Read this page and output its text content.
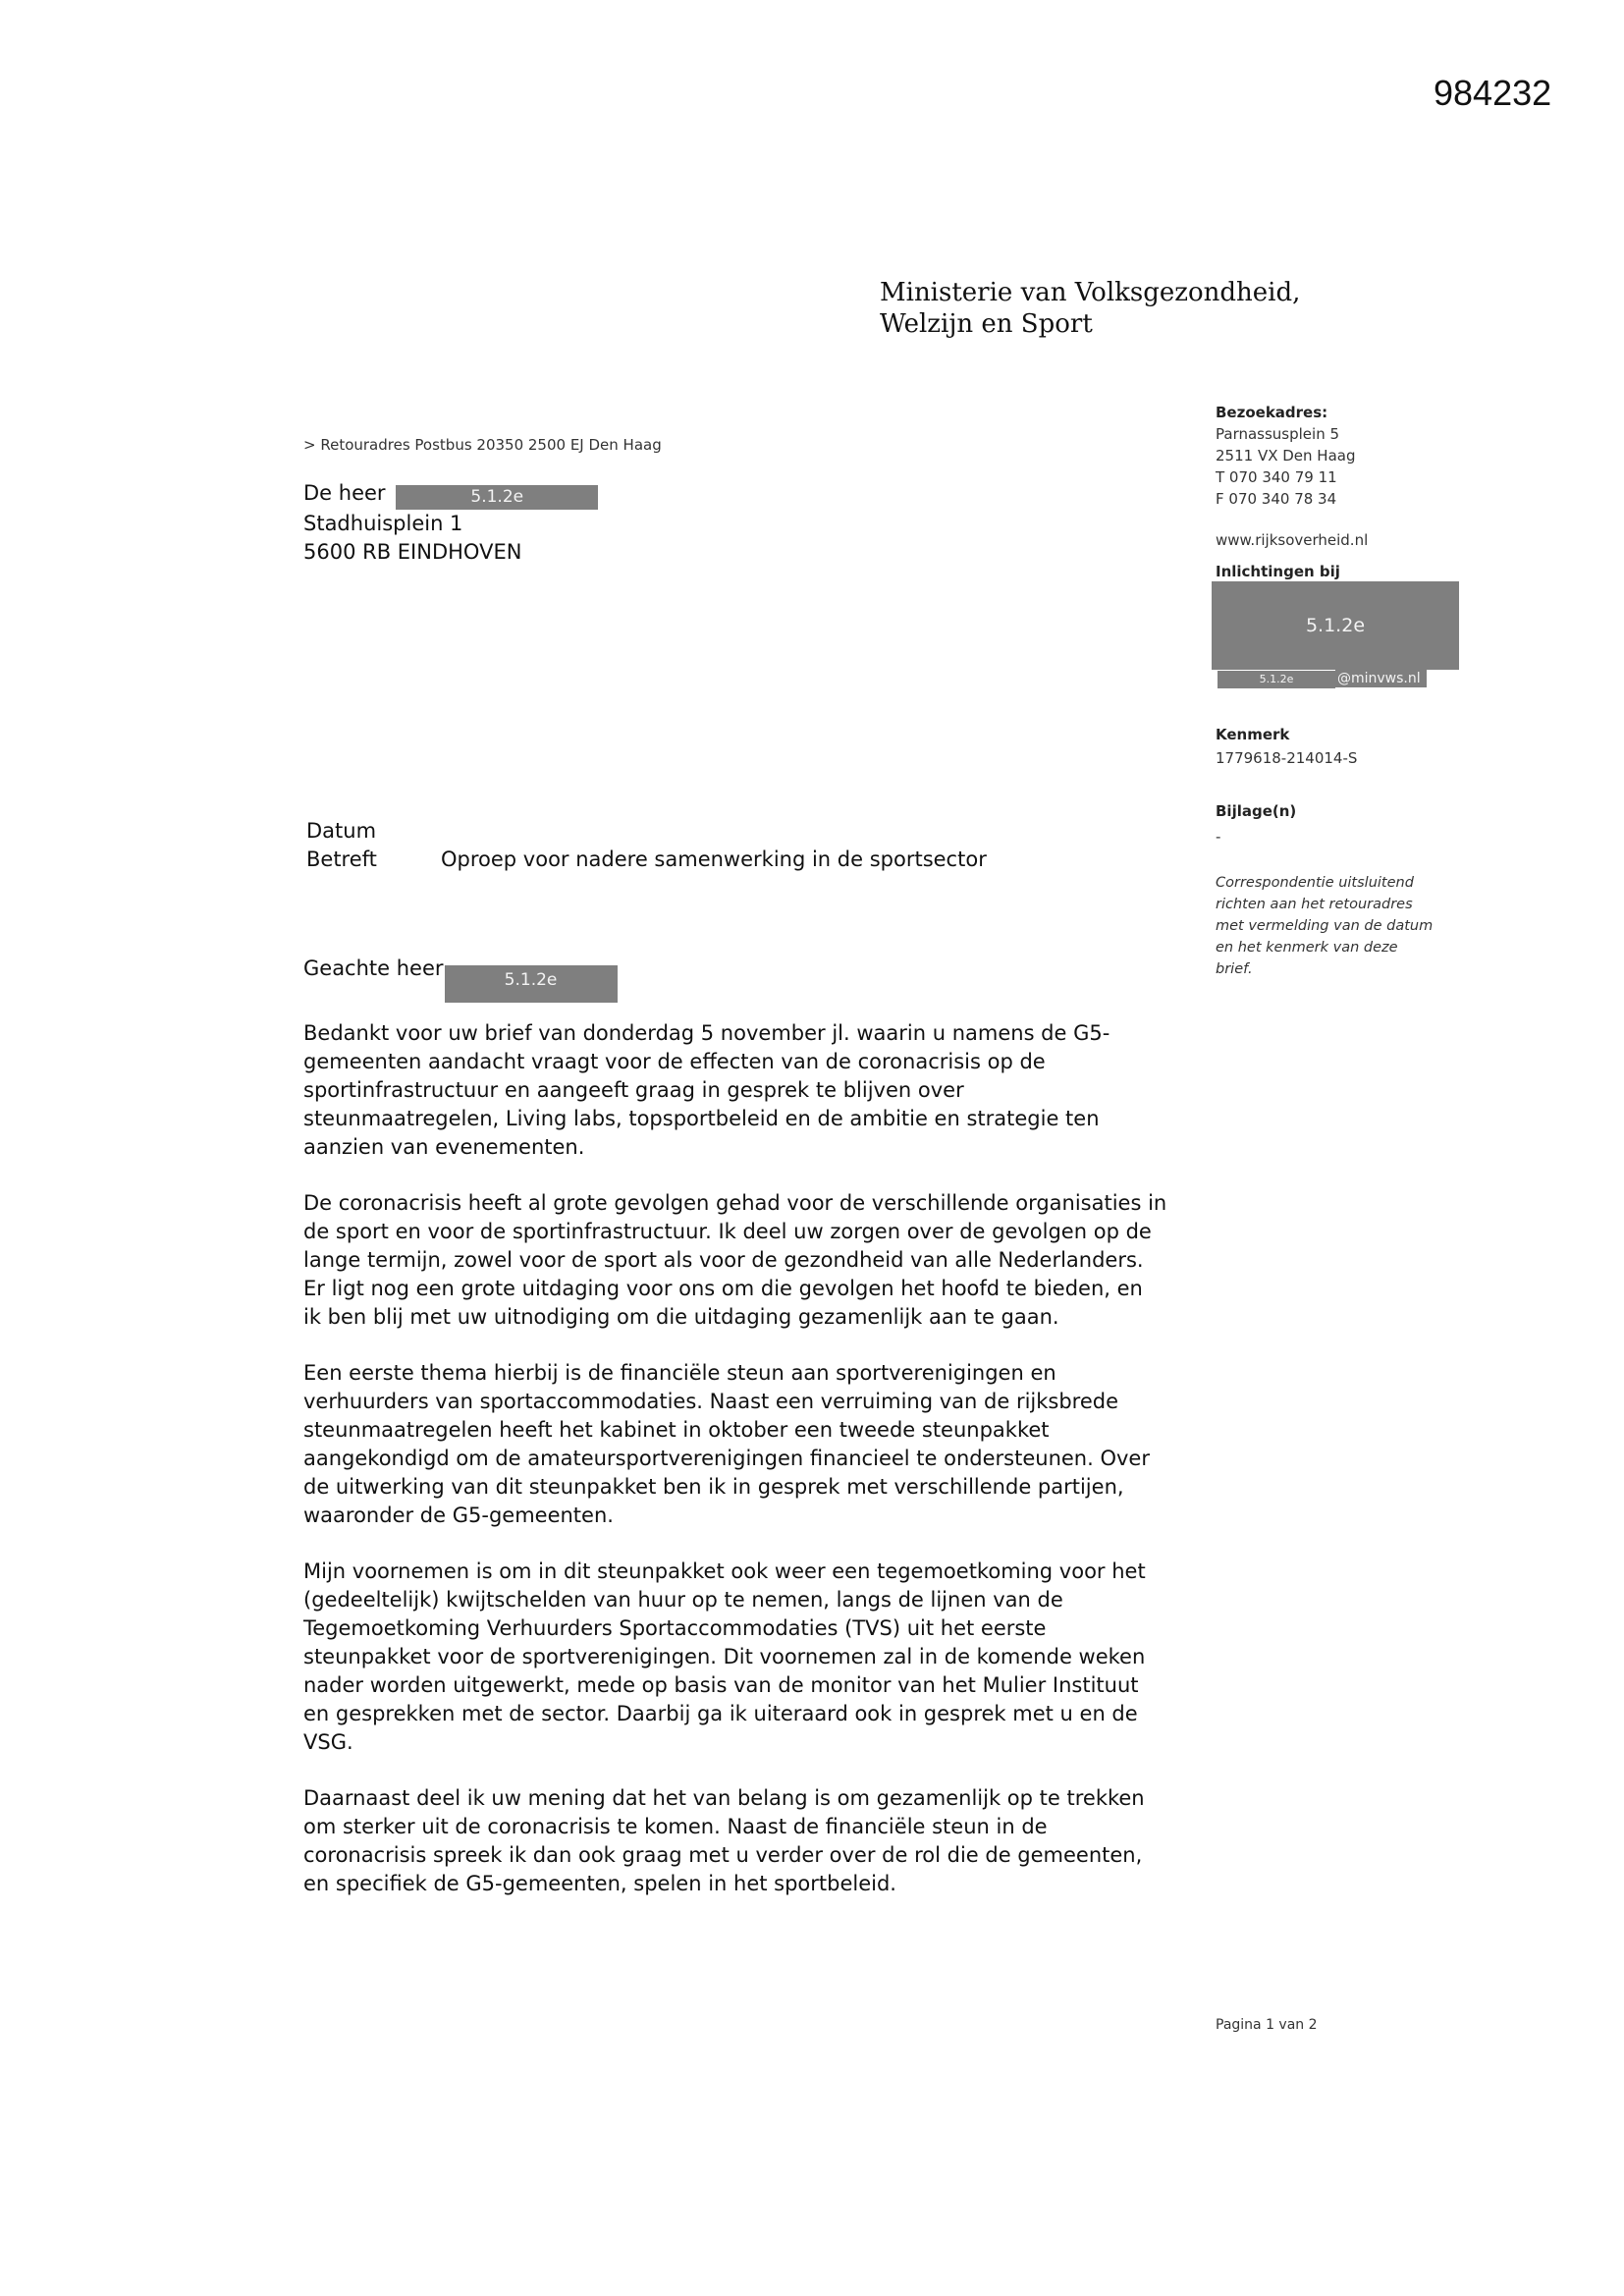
984232
Ministerie van Volksgezondheid,
Welzijn en Sport
> Retouradres Postbus 20350 2500 EJ Den Haag
De heer	5.1.2e
Stadhuisplein 1
5600 RB EINDHOVEN
Bezoekadres:
Parnassusplein 5
2511 VX Den Haag
T 070 340 79 11
F 070 340 78 34
www.rijksoverheid.nl
Inlichtingen bij
5.1.2e
5.1.2e	@minvws.nl
Kenmerk
1779618-214014-S
Bijlage(n)
-
Correspondentie uitsluitend
richten aan het retouradres
met vermelding van de datum
en het kenmerk van deze
brief.
Datum
Betreft	Oproep voor nadere samenwerking in de sportsector
Geachte heer	5.1.2e

Bedankt voor uw brief van donderdag 5 november jl. waarin u namens de G5-
gemeenten aandacht vraagt voor de effecten van de coronacrisis op de
sportinfrastructuur en aangeeft graag in gesprek te blijven over
steunmaatregelen, Living labs, topsportbeleid en de ambitie en strategie ten
aanzien van evenementen.

De coronacrisis heeft al grote gevolgen gehad voor de verschillende organisaties in
de sport en voor de sportinfrastructuur. Ik deel uw zorgen over de gevolgen op de
lange termijn, zowel voor de sport als voor de gezondheid van alle Nederlanders.
Er ligt nog een grote uitdaging voor ons om die gevolgen het hoofd te bieden, en
ik ben blij met uw uitnodiging om die uitdaging gezamenlijk aan te gaan.

Een eerste thema hierbij is de financiële steun aan sportverenigingen en
verhuurders van sportaccommodaties. Naast een verruiming van de rijksbrede
steunmaatregelen heeft het kabinet in oktober een tweede steunpakket
aangekondigd om de amateursportverenigingen financieel te ondersteunen. Over
de uitwerking van dit steunpakket ben ik in gesprek met verschillende partijen,
waaronder de G5-gemeenten.

Mijn voornemen is om in dit steunpakket ook weer een tegemoetkoming voor het
(gedeeltelijk) kwijtschelden van huur op te nemen, langs de lijnen van de
Tegemoetkoming Verhuurders Sportaccommodaties (TVS) uit het eerste
steunpakket voor de sportverenigingen. Dit voornemen zal in de komende weken
nader worden uitgewerkt, mede op basis van de monitor van het Mulier Instituut
en gesprekken met de sector. Daarbij ga ik uiteraard ook in gesprek met u en de
VSG.

Daarnaast deel ik uw mening dat het van belang is om gezamenlijk op te trekken
om sterker uit de coronacrisis te komen. Naast de financiële steun in de
coronacrisis spreek ik dan ook graag met u verder over de rol die de gemeenten,
en specifiek de G5-gemeenten, spelen in het sportbeleid.

Pagina 1 van 2
